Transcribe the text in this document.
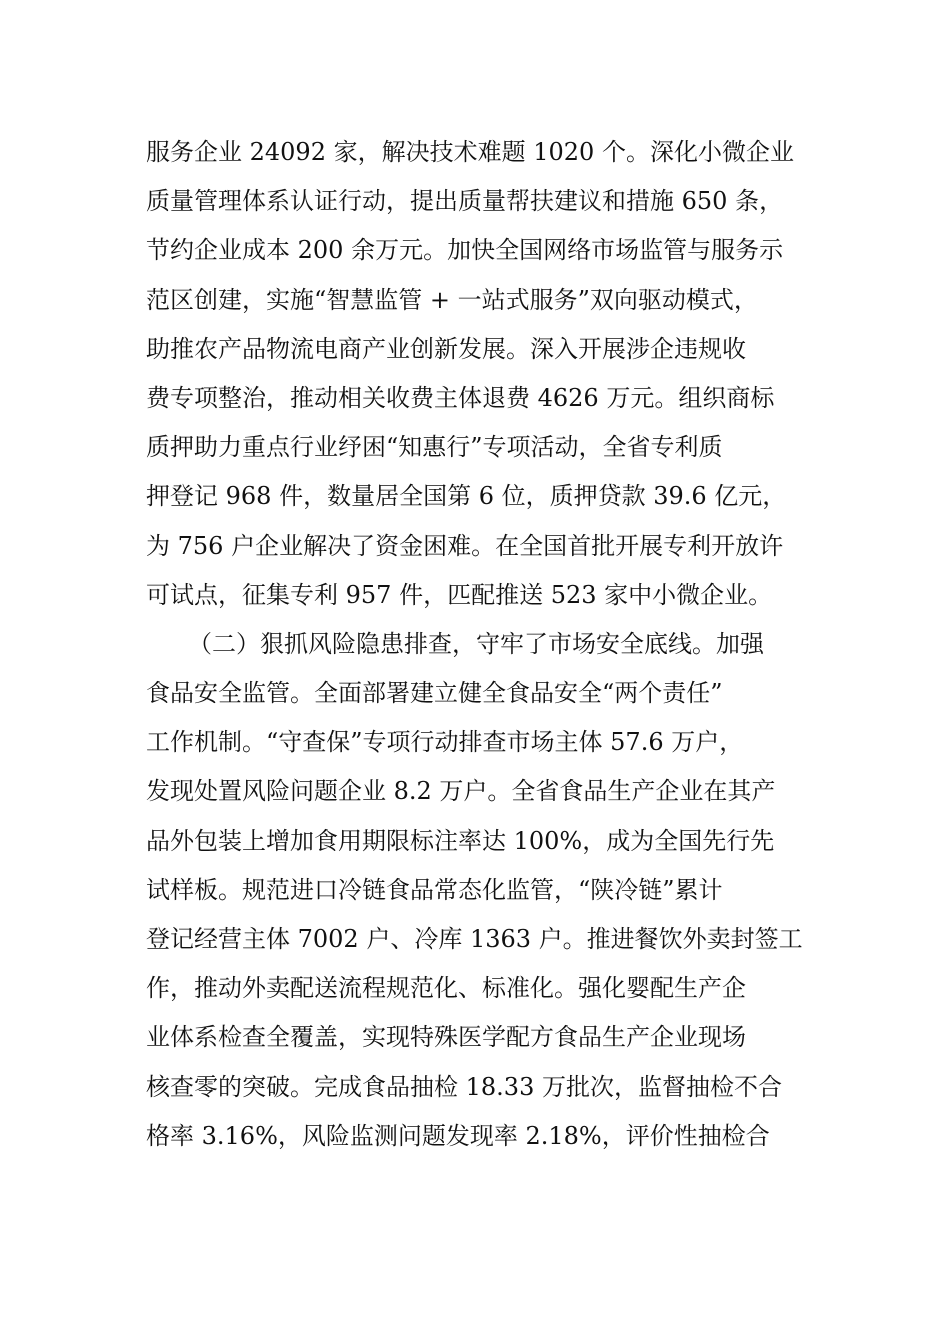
服务企业 24092 家，解决技术难题 1020 个。深化小微企业
质量管理体系认证行动，提出质量帮扶建议和措施 650 条，
节约企业成本 200 余万元。加快全国网络市场监管与服务示
范区创建，实施“智慧监管 + 一站式服务”双向驱动模式，
助推农产品物流电商产业创新发展。深入开展涉企违规收
费专项整治，推动相关收费主体退费 4626 万元。组织商标
质押助力重点行业纾困“知惠行”专项活动，全省专利质
押登记 968 件，数量居全国第 6 位，质押贷款 39.6 亿元，
为 756 户企业解决了资金困难。在全国首批开展专利开放许
可试点，征集专利 957 件，匹配推送 523 家中小微企业。
（二）狠抓风险隐患排查，守牢了市场安全底线。加强
食品安全监管。全面部署建立健全食品安全“两个责任”
工作机制。“守查保”专项行动排查市场主体 57.6 万户，
发现处置风险问题企业 8.2 万户。全省食品生产企业在其产
品外包装上增加食用期限标注率达 100%，成为全国先行先
试样板。规范进口冷链食品常态化监管，“陕冷链”累计
登记经营主体 7002 户、冷库 1363 户。推进餐饮外卖封签工
作，推动外卖配送流程规范化、标准化。强化婴配生产企
业体系检查全覆盖，实现特殊医学配方食品生产企业现场
核查零的突破。完成食品抽检 18.33 万批次，监督抽检不合
格率 3.16%，风险监测问题发现率 2.18%，评价性抽检合
